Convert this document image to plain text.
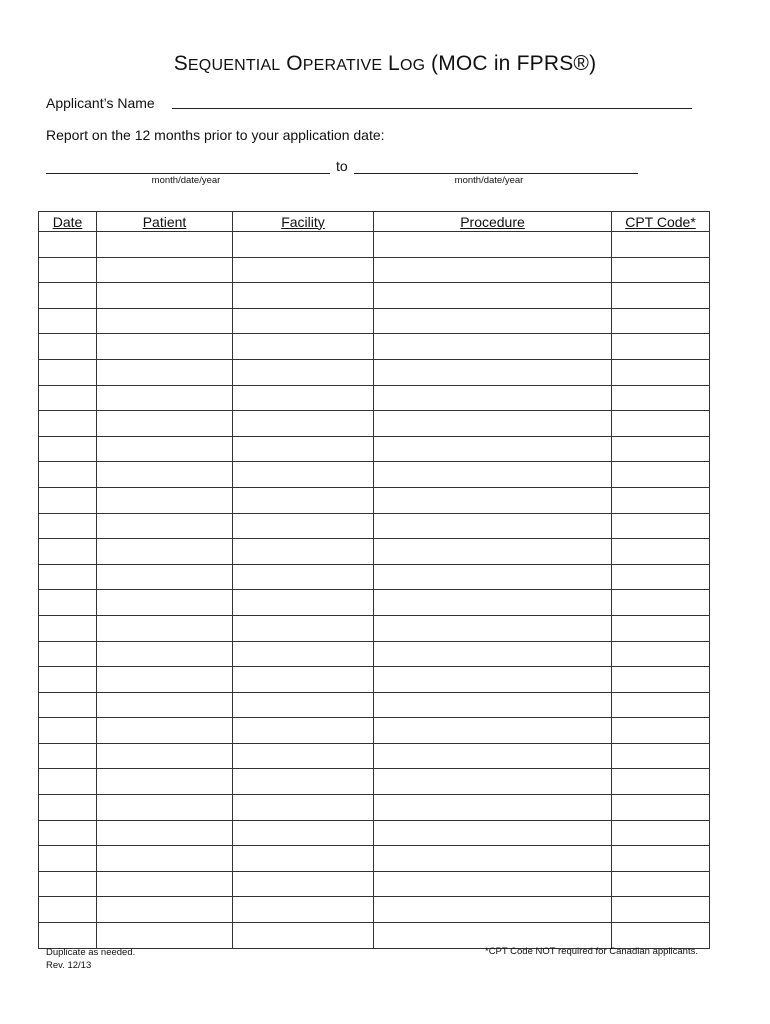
SEQUENTIAL OPERATIVE LOG (MOC in FPRS®)
Applicant’s Name
Report on the 12 months prior to your application date:
to
month/date/year	month/date/year
Date	Patient	Facility	Procedure	CPT Code*

Duplicate as needed.
Rev. 12/13
*CPT Code NOT required for Canadian applicants.
